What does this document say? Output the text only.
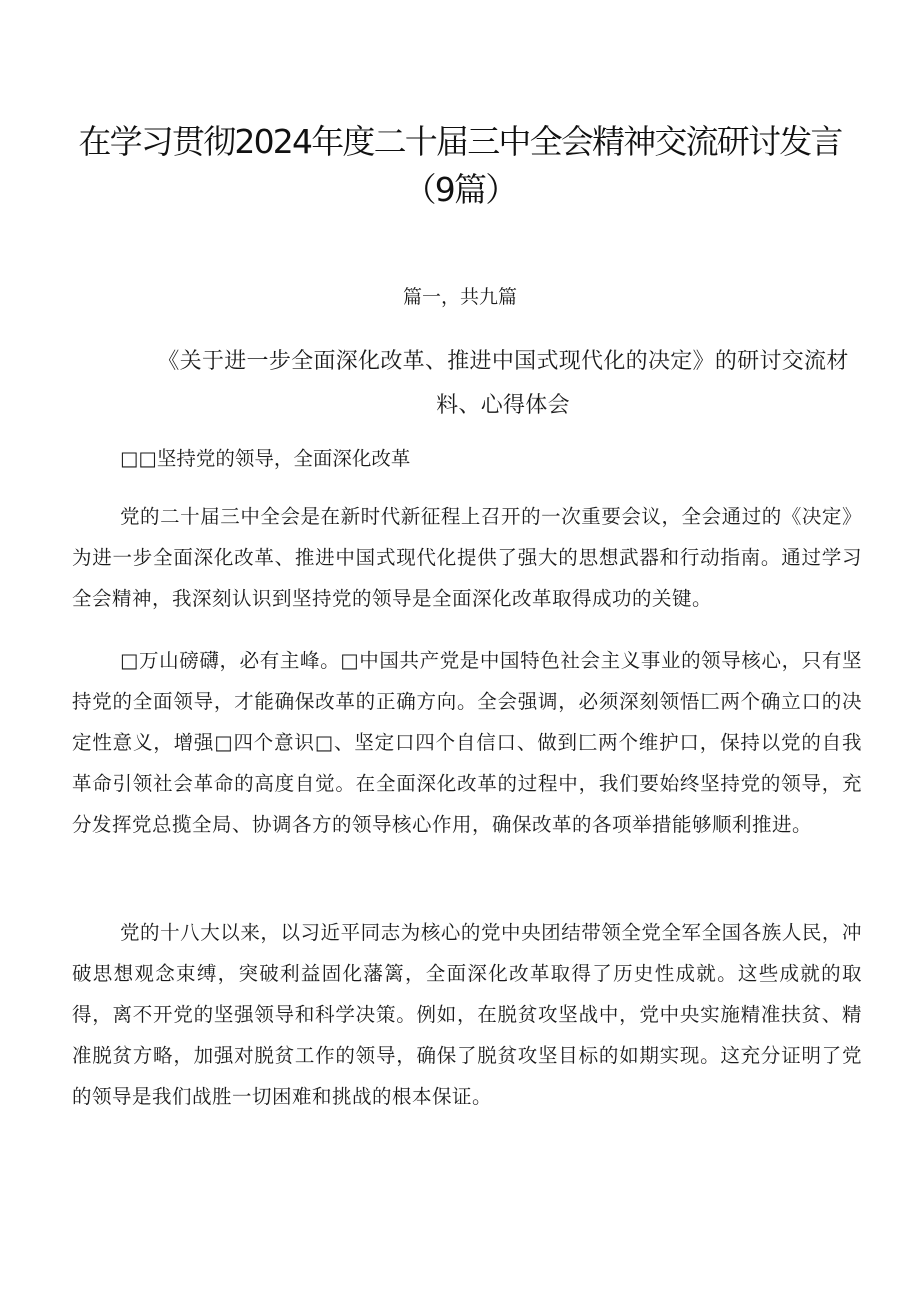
在学习贯彻2024年度二十届三中全会精神交流研讨发言（9篇）
篇一，共九篇
《关于进一步全面深化改革、推进中国式现代化的决定》的研讨交流材料、心得体会
□□坚持党的领导，全面深化改革

党的二十届三中全会是在新时代新征程上召开的一次重要会议，全会通过的《决定》为进一步全面深化改革、推进中国式现代化提供了强大的思想武器和行动指南。通过学习全会精神，我深刻认识到坚持党的领导是全面深化改革取得成功的关键。

□万山磅礴，必有主峰。□中国共产党是中国特色社会主义事业的领导核心，只有坚持党的全面领导，才能确保改革的正确方向。全会强调，必须深刻领悟匚两个确立口的决定性意义，增强□四个意识□、坚定口四个自信口、做到匚两个维护口，保持以党的自我革命引领社会革命的高度自觉。在全面深化改革的过程中，我们要始终坚持党的领导，充分发挥党总揽全局、协调各方的领导核心作用，确保改革的各项举措能够顺利推进。

党的十八大以来，以习近平同志为核心的党中央团结带领全党全军全国各族人民，冲破思想观念束缚，突破利益固化藩篱，全面深化改革取得了历史性成就。这些成就的取得，离不开党的坚强领导和科学决策。例如，在脱贫攻坚战中，党中央实施精准扶贫、精准脱贫方略，加强对脱贫工作的领导，确保了脱贫攻坚目标的如期实现。这充分证明了党的领导是我们战胜一切困难和挑战的根本保证。
